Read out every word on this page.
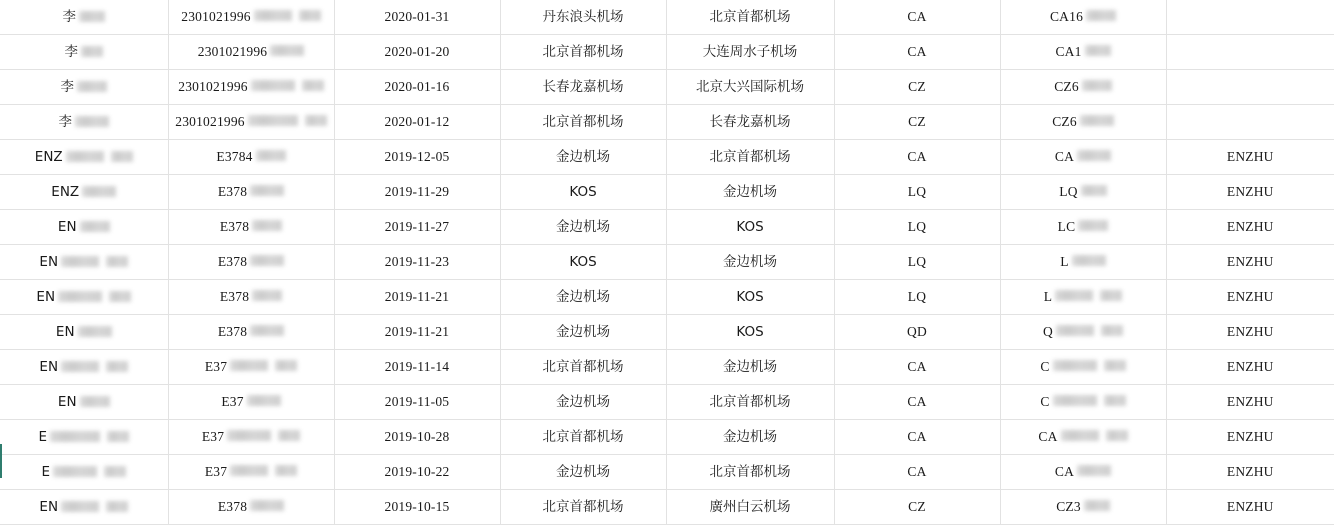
李	2301021996	2020-01-31	丹东浪头机场	北京首都机场	CA	CA16	

李	2301021996	2020-01-20	北京首都机场	大连周水子机场	CA	CA1	

李	2301021996	2020-01-16	长春龙嘉机场	北京大兴国际机场	CZ	CZ6	

李	2301021996	2020-01-12	北京首都机场	长春龙嘉机场	CZ	CZ6	

ENZ	E3784	2019-12-05	金边机场	北京首都机场	CA	CA	ENZHU

ENZ	E378	2019-11-29	KOS	金边机场	LQ	LQ	ENZHU

EN	E378	2019-11-27	金边机场	KOS	LQ	LC	ENZHU

EN	E378	2019-11-23	KOS	金边机场	LQ	L	ENZHU

EN	E378	2019-11-21	金边机场	KOS	LQ	L	ENZHU

EN	E378	2019-11-21	金边机场	KOS	QD	Q	ENZHU

EN	E37	2019-11-14	北京首都机场	金边机场	CA	C	ENZHU

EN	E37	2019-11-05	金边机场	北京首都机场	CA	C	ENZHU

E	E37	2019-10-28	北京首都机场	金边机场	CA	CA	ENZHU

E	E37	2019-10-22	金边机场	北京首都机场	CA	CA	ENZHU

EN	E378	2019-10-15	北京首都机场	廣州白云机场	CZ	CZ3	ENZHU
